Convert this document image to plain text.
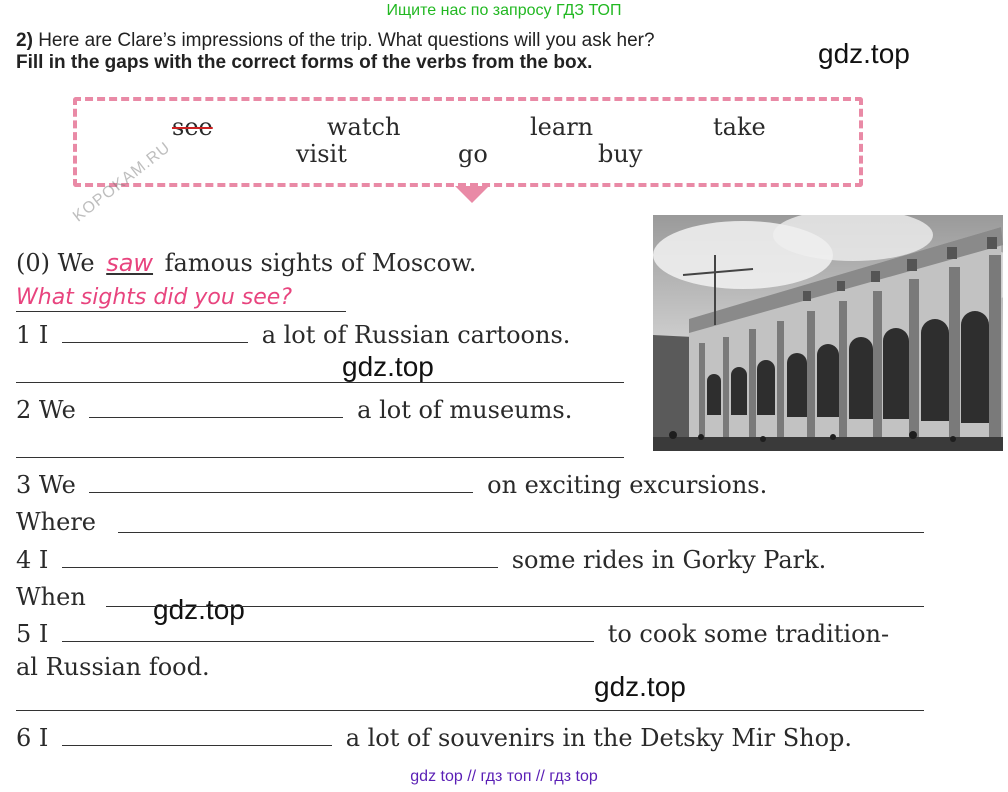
Ищите нас по запросу ГДЗ ТОП
2) Here are Clare’s impressions of the trip. What questions will you ask her?
Fill in the gaps with the correct forms of the verbs from the box.
see	watch	learn	take
visit	go	buy
gdz.top
gdz.top
gdz.top
gdz.top
KOPOKAM.RU
(0) We saw famous sights of Moscow.
What sights did you see?
1 I	a lot of Russian cartoons.
2 We	a lot of museums.
3 We	on exciting excursions.
Where
4 I	some rides in Gorky Park.
When
5 I	to cook some tradition-
al Russian food.
6 I	a lot of souvenirs in the Detsky Mir Shop.
gdz top // гдз топ // гдз top
